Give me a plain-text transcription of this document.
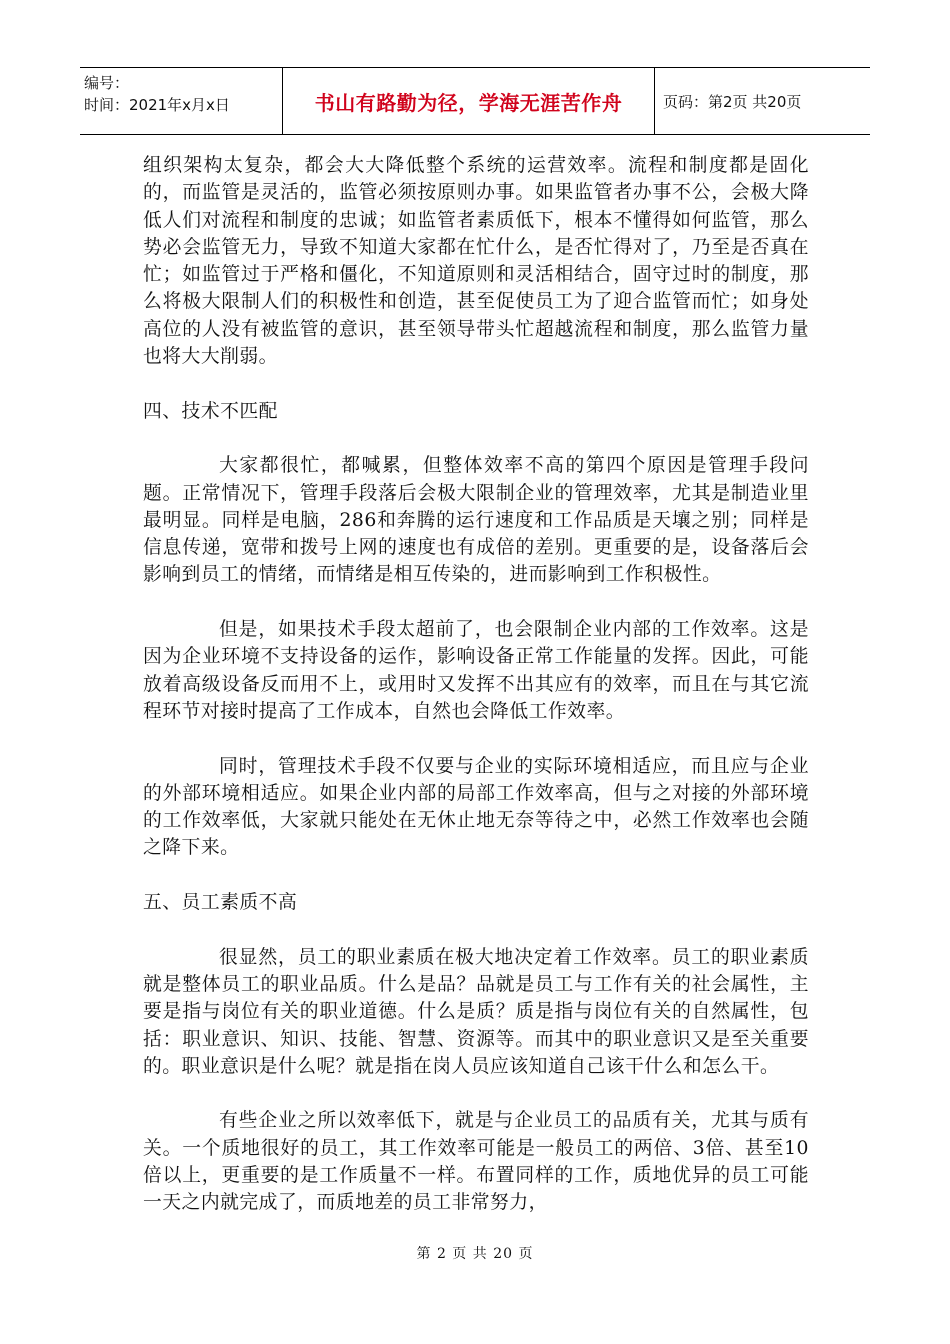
编号：
时间：2021年x月x日	书山有路勤为径，学海无涯苦作舟	页码：第2页 共20页

组织架构太复杂，都会大大降低整个系统的运营效率。流程和制度都是固化的，而监管是灵活的，监管必须按原则办事。如果监管者办事不公，会极大降低人们对流程和制度的忠诚；如监管者素质低下，根本不懂得如何监管，那么势必会监管无力，导致不知道大家都在忙什么，是否忙得对了，乃至是否真在忙；如监管过于严格和僵化，不知道原则和灵活相结合，固守过时的制度，那么将极大限制人们的积极性和创造，甚至促使员工为了迎合监管而忙；如身处高位的人没有被监管的意识，甚至领导带头忙超越流程和制度，那么监管力量也将大大削弱。

四、技术不匹配

大家都很忙，都喊累，但整体效率不高的第四个原因是管理手段问题。正常情况下，管理手段落后会极大限制企业的管理效率，尤其是制造业里最明显。同样是电脑，286和奔腾的运行速度和工作品质是天壤之别；同样是信息传递，宽带和拨号上网的速度也有成倍的差别。更重要的是，设备落后会影响到员工的情绪，而情绪是相互传染的，进而影响到工作积极性。

但是，如果技术手段太超前了，也会限制企业内部的工作效率。这是因为企业环境不支持设备的运作，影响设备正常工作能量的发挥。因此，可能放着高级设备反而用不上，或用时又发挥不出其应有的效率，而且在与其它流程环节对接时提高了工作成本，自然也会降低工作效率。

同时，管理技术手段不仅要与企业的实际环境相适应，而且应与企业的外部环境相适应。如果企业内部的局部工作效率高，但与之对接的外部环境的工作效率低，大家就只能处在无休止地无奈等待之中，必然工作效率也会随之降下来。

五、员工素质不高

很显然，员工的职业素质在极大地决定着工作效率。员工的职业素质就是整体员工的职业品质。什么是品？品就是员工与工作有关的社会属性，主要是指与岗位有关的职业道德。什么是质？质是指与岗位有关的自然属性，包括：职业意识、知识、技能、智慧、资源等。而其中的职业意识又是至关重要的。职业意识是什么呢？就是指在岗人员应该知道自己该干什么和怎么干。

有些企业之所以效率低下，就是与企业员工的品质有关，尤其与质有关。一个质地很好的员工，其工作效率可能是一般员工的两倍、3倍、甚至10倍以上，更重要的是工作质量不一样。布置同样的工作，质地优异的员工可能一天之内就完成了，而质地差的员工非常努力，

第 2 页 共 20 页
